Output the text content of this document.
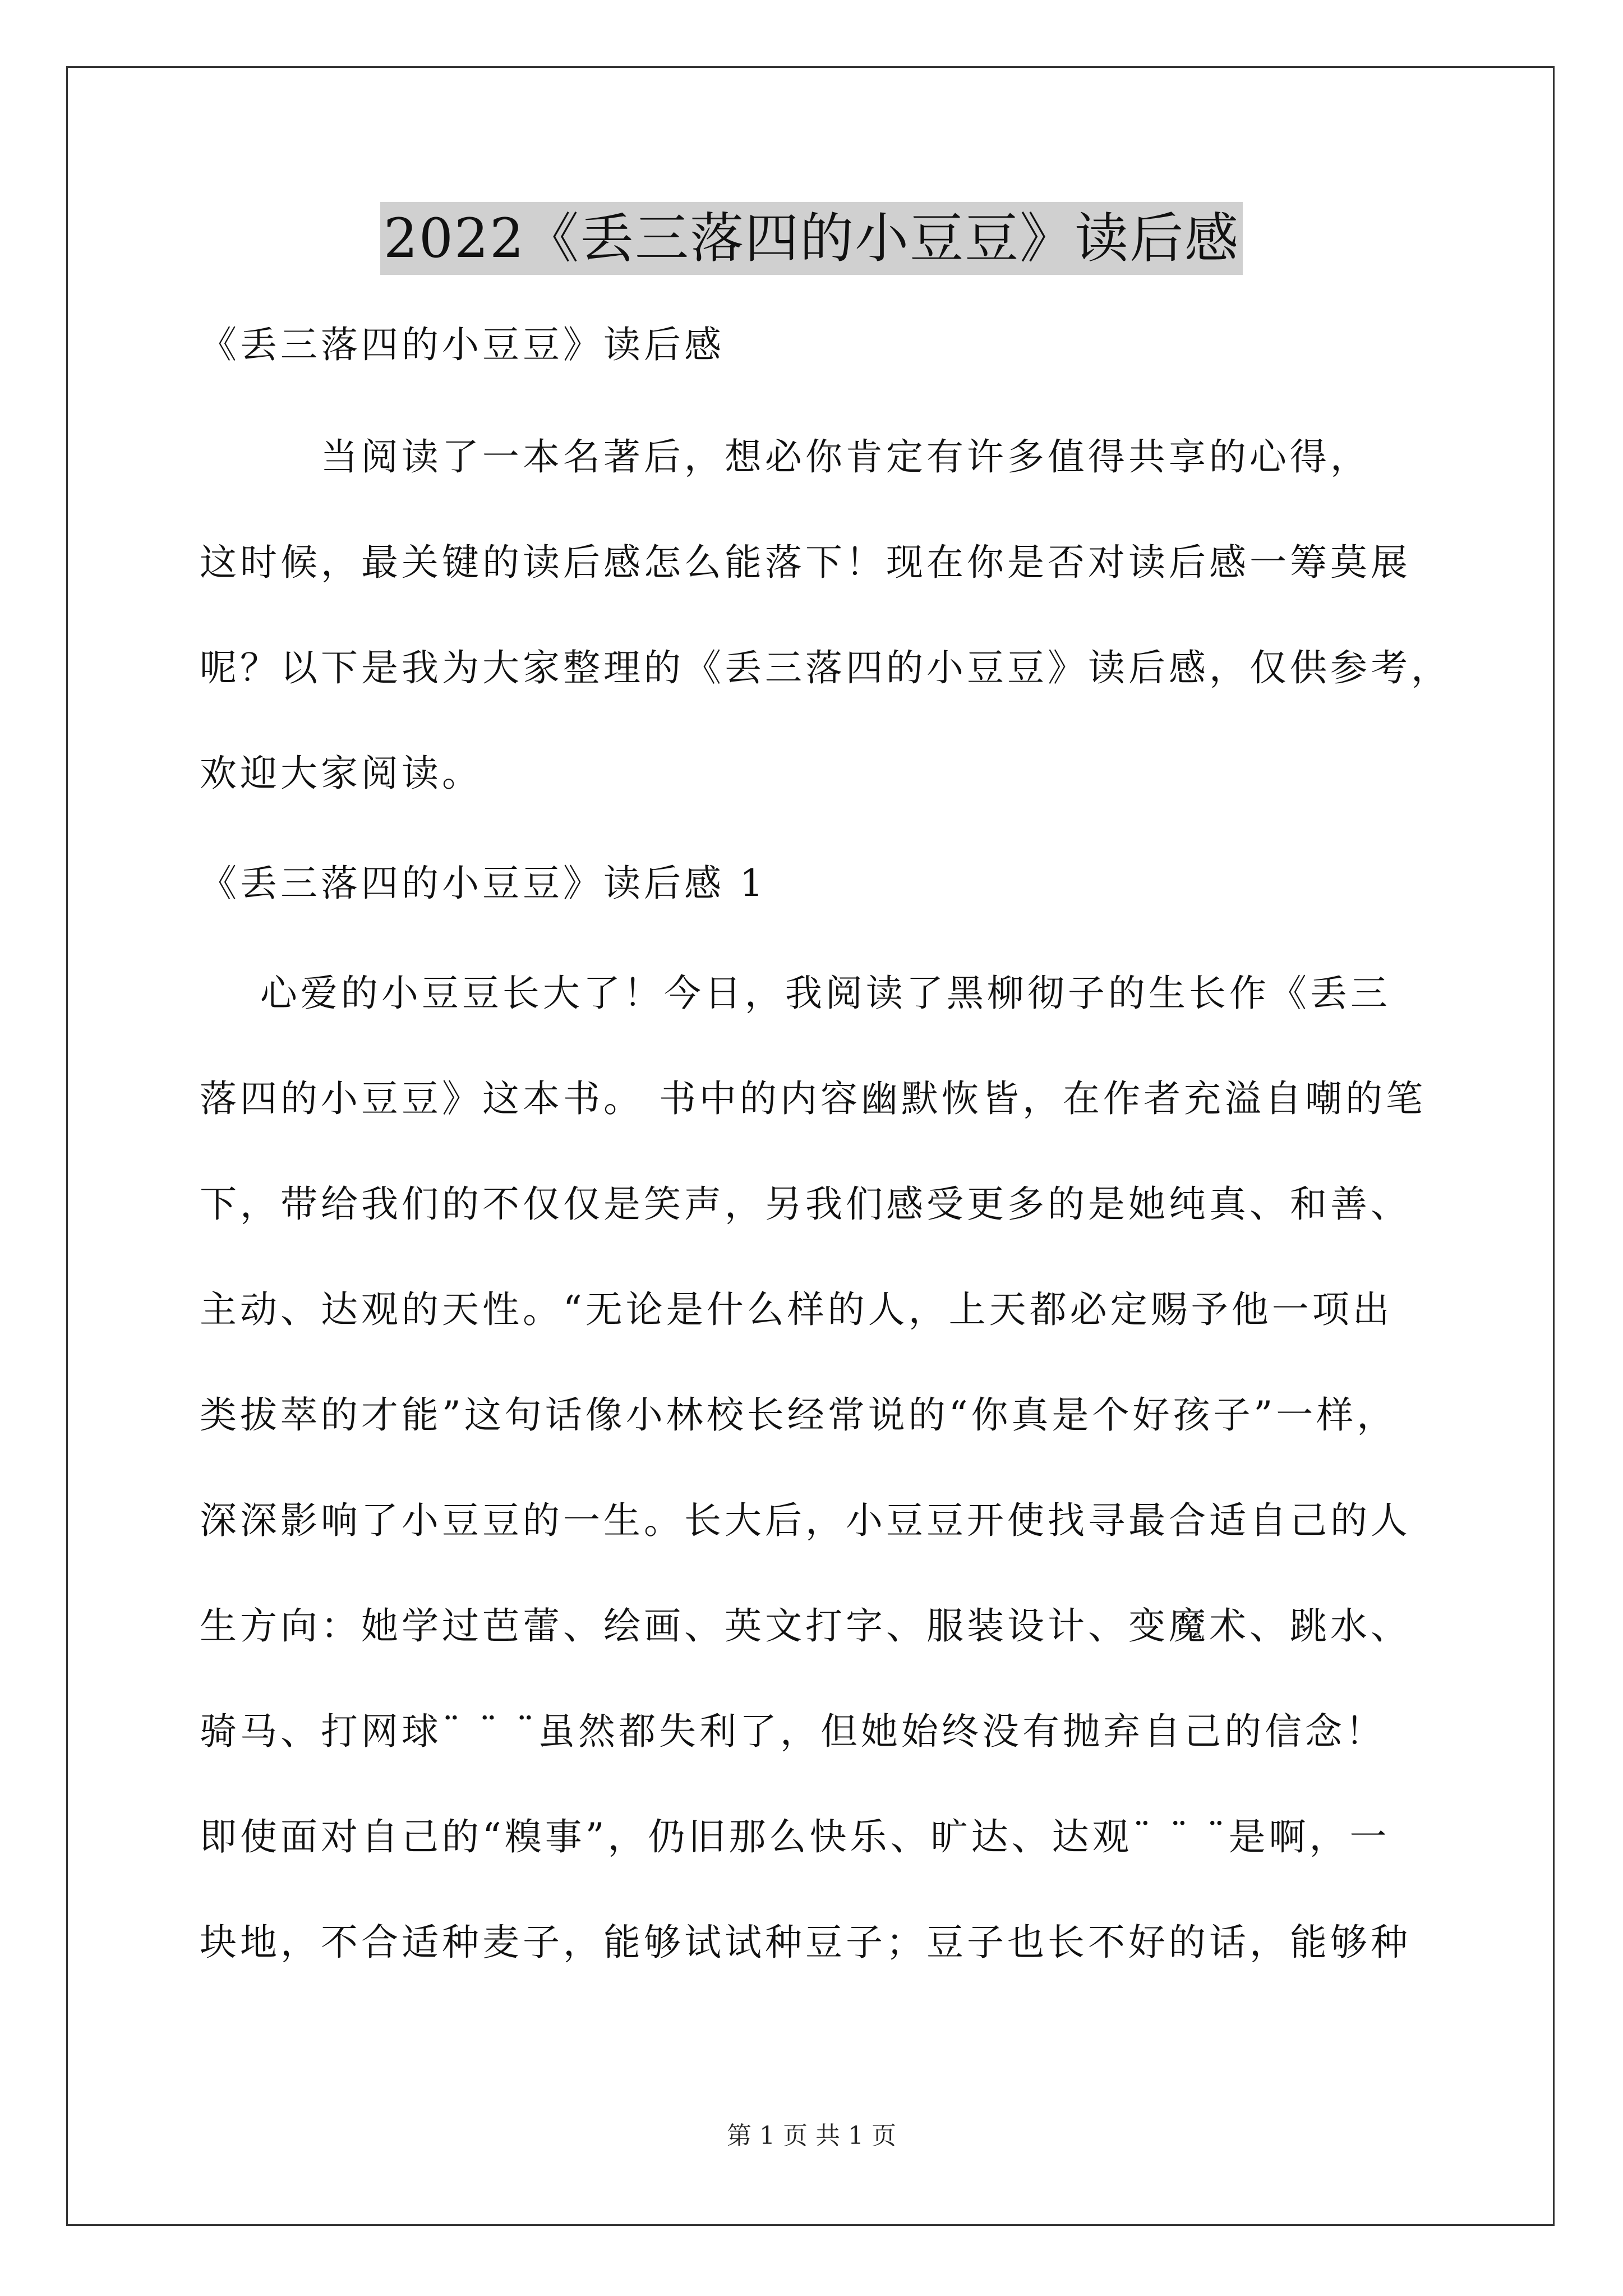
2022《丢三落四的小豆豆》读后感
《丢三落四的小豆豆》读后感
当阅读了一本名著后，想必你肯定有许多值得共享的心得，
这时候，最关键的读后感怎么能落下！现在你是否对读后感一筹莫展
呢？以下是我为大家整理的《丢三落四的小豆豆》读后感，仅供参考，
欢迎大家阅读。
《丢三落四的小豆豆》读后感 1
心爱的小豆豆长大了！今日，我阅读了黑柳彻子的生长作《丢三
落四的小豆豆》这本书。 书中的内容幽默恢皆，在作者充溢自嘲的笔
下，带给我们的不仅仅是笑声，另我们感受更多的是她纯真、和善、
主动、达观的天性。“无论是什么样的人，上天都必定赐予他一项出
类拔萃的才能”这句话像小林校长经常说的“你真是个好孩子”一样，
深深影响了小豆豆的一生。长大后，小豆豆开使找寻最合适自己的人
生方向：她学过芭蕾、绘画、英文打字、服装设计、变魔术、跳水、
骑马、打网球¨ ¨ ¨虽然都失利了，但她始终没有抛弃自己的信念！
即使面对自己的“糗事”，仍旧那么快乐、旷达、达观¨ ¨ ¨是啊，一
块地，不合适种麦子，能够试试种豆子；豆子也长不好的话，能够种
第 1 页 共 1 页
